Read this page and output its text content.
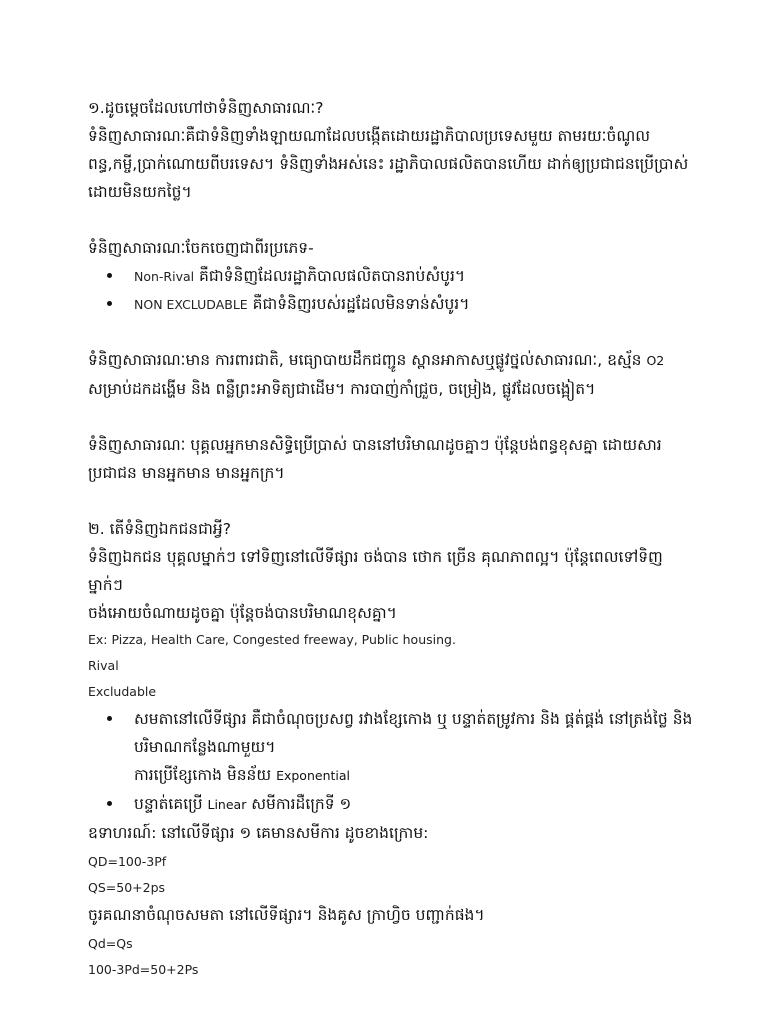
១.ដូចម្តេចដែលហៅថាទំនិញសាធារណៈ?

ទំនិញសាធារណៈគឺជាទំនិញទាំងឡាយណាដែលបង្កើតដោយរដ្ឋាភិបាលប្រទេសមួយ តាមរយៈចំណូល

ពន្ធ,កម្ចី,ប្រាក់ណោយពីបរទេស។ ទំនិញទាំងអស់នេះ រដ្ឋាភិបាលផលិតបានហើយ ដាក់ឲ្យប្រជាជនប្រើប្រាស់

ដោយមិនយកថ្លៃ។

ទំនិញសាធារណៈចែកចេញជាពីរប្រភេទ-

Non-Rival គឺជាទំនិញដែលរដ្ឋាភិបាលផលិតបានរាប់សំបូរ។
NON EXCLUDABLE គឺជាទំនិញរបស់រដ្ឋដែលមិនទាន់សំបូរ។

ទំនិញសាធារណៈមាន ការពារជាតិ, មធ្យោបាយដឹកជញ្ជូន ស្ពានអាកាសឬផ្លូវថ្នល់សាធារណៈ, ឧស្ម័ន O2

សម្រាប់ដកដង្ហើម និង ពន្លឺព្រះអាទិត្យជាដើម។ ការបាញ់កាំជ្រួច, ចម្រៀង, ផ្លូវដែលចង្អៀត។

ទំនិញសាធារណៈ បុគ្គលអ្នកមានសិទ្ធិប្រើប្រាស់ បាននៅបរិមាណដូចគ្នាៗ ប៉ុន្តែបង់ពន្ធខុសគ្នា ដោយសារ

ប្រជាជន មានអ្នកមាន មានអ្នកក្រ។

២. តើទំនិញឯកជនជាអ្វី?

ទំនិញឯកជន បុគ្គលម្នាក់ៗ ទៅទិញនៅលើទីផ្សារ ចង់បាន ថោក ច្រើន គុណភាពល្អ។ ប៉ុន្តែពេលទៅទិញ ម្នាក់ៗ

ចង់អោយចំណាយដូចគ្នា ប៉ុន្តែចង់បានបរិមាណខុសគ្នា។

Ex: Pizza, Health Care, Congested freeway, Public housing.

Rival

Excludable

សមតានៅលើទីផ្សារ គឺជាចំណុចប្រសព្វ រវាងខ្សែកោង ឬ បន្ទាត់តម្រូវការ និង ផ្គត់ផ្គង់ នៅត្រង់ថ្លៃ និង
បរិមាណកន្លែងណាមួយ។
ការប្រើខ្សែកោង មិនន័យ Exponential
បន្ទាត់គេប្រើ Linear សមីការដឺក្រេទី ១

ឧទាហរណ៍: នៅលើទីផ្សារ ១ គេមានសមីការ ដូចខាងក្រោម:

QD=100-3Pf

QS=50+2ps

ចូរគណនាចំណុចសមតា នៅលើទីផ្សារ។ និងគូស ក្រាហ្វិច បញ្ជាក់ផង។

Qd=Qs

100-3Pd=50+2Ps
